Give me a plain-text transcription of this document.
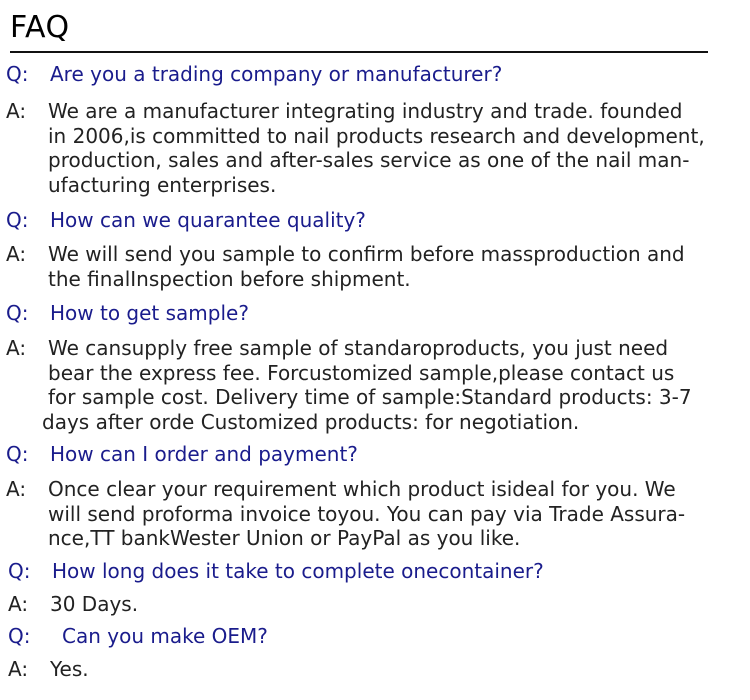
FAQ
Q: Are you a trading company or manufacturer?
A: We are a manufacturer integrating industry and trade. founded
in 2006,is committed to nail products research and development,
production, sales and after-sales service as one of the nail man-
ufacturing enterprises.
Q: How can we quarantee quality?
A: We will send you sample to confirm before massproduction and
the finalInspection before shipment.
Q: How to get sample?
A: We cansupply free sample of standaroproducts, you just need
bear the express fee. Forcustomized sample,please contact us
for sample cost. Delivery time of sample:Standard products: 3-7
days after orde Customized products: for negotiation.
Q: How can I order and payment?
A: Once clear your requirement which product isideal for you. We
will send proforma invoice toyou. You can pay via Trade Assura-
nce,TT bankWester Union or PayPal as you like.
Q: How long does it take to complete onecontainer?
A: 30 Days.
Q: Can you make OEM?
A: Yes.
